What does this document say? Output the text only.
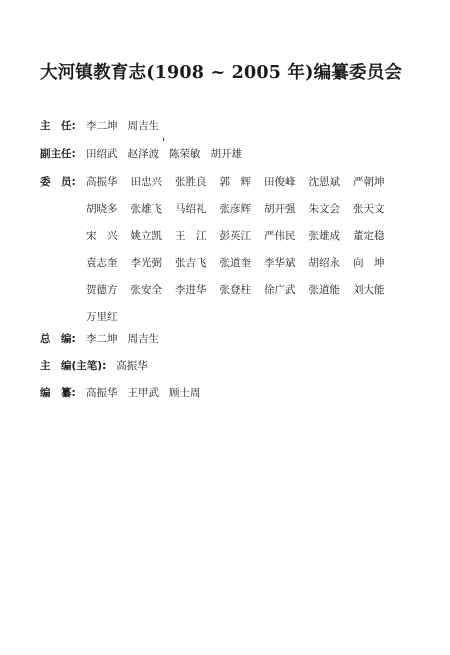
大河镇教育志(1908 ~ 2005 年)编纂委员会
主　任: 李二坤 周吉生
副主任: 田绍武 赵泽波 陈荣敏 胡开雄
委　员: 高振华	田忠兴	张胜良	郭　辉	田俊峰	沈恩斌	严朝坤
胡晓多	张雄飞	马绍礼	张彦辉	胡开强	朱文会	张天文
宋　兴	姚立凯	王　江	彭英江	严伟民	张雄成	董定稳
袁志奎	李光弼	张吉飞	张道奎	李华斌	胡绍永	向　坤
贺德方	张安全	李进华	张登柱	徐广武	张道能	刘大能
万里红
总　编: 李二坤 周吉生
主　编(主笔): 高振华
编　纂: 高振华 王甲武 顾士周
